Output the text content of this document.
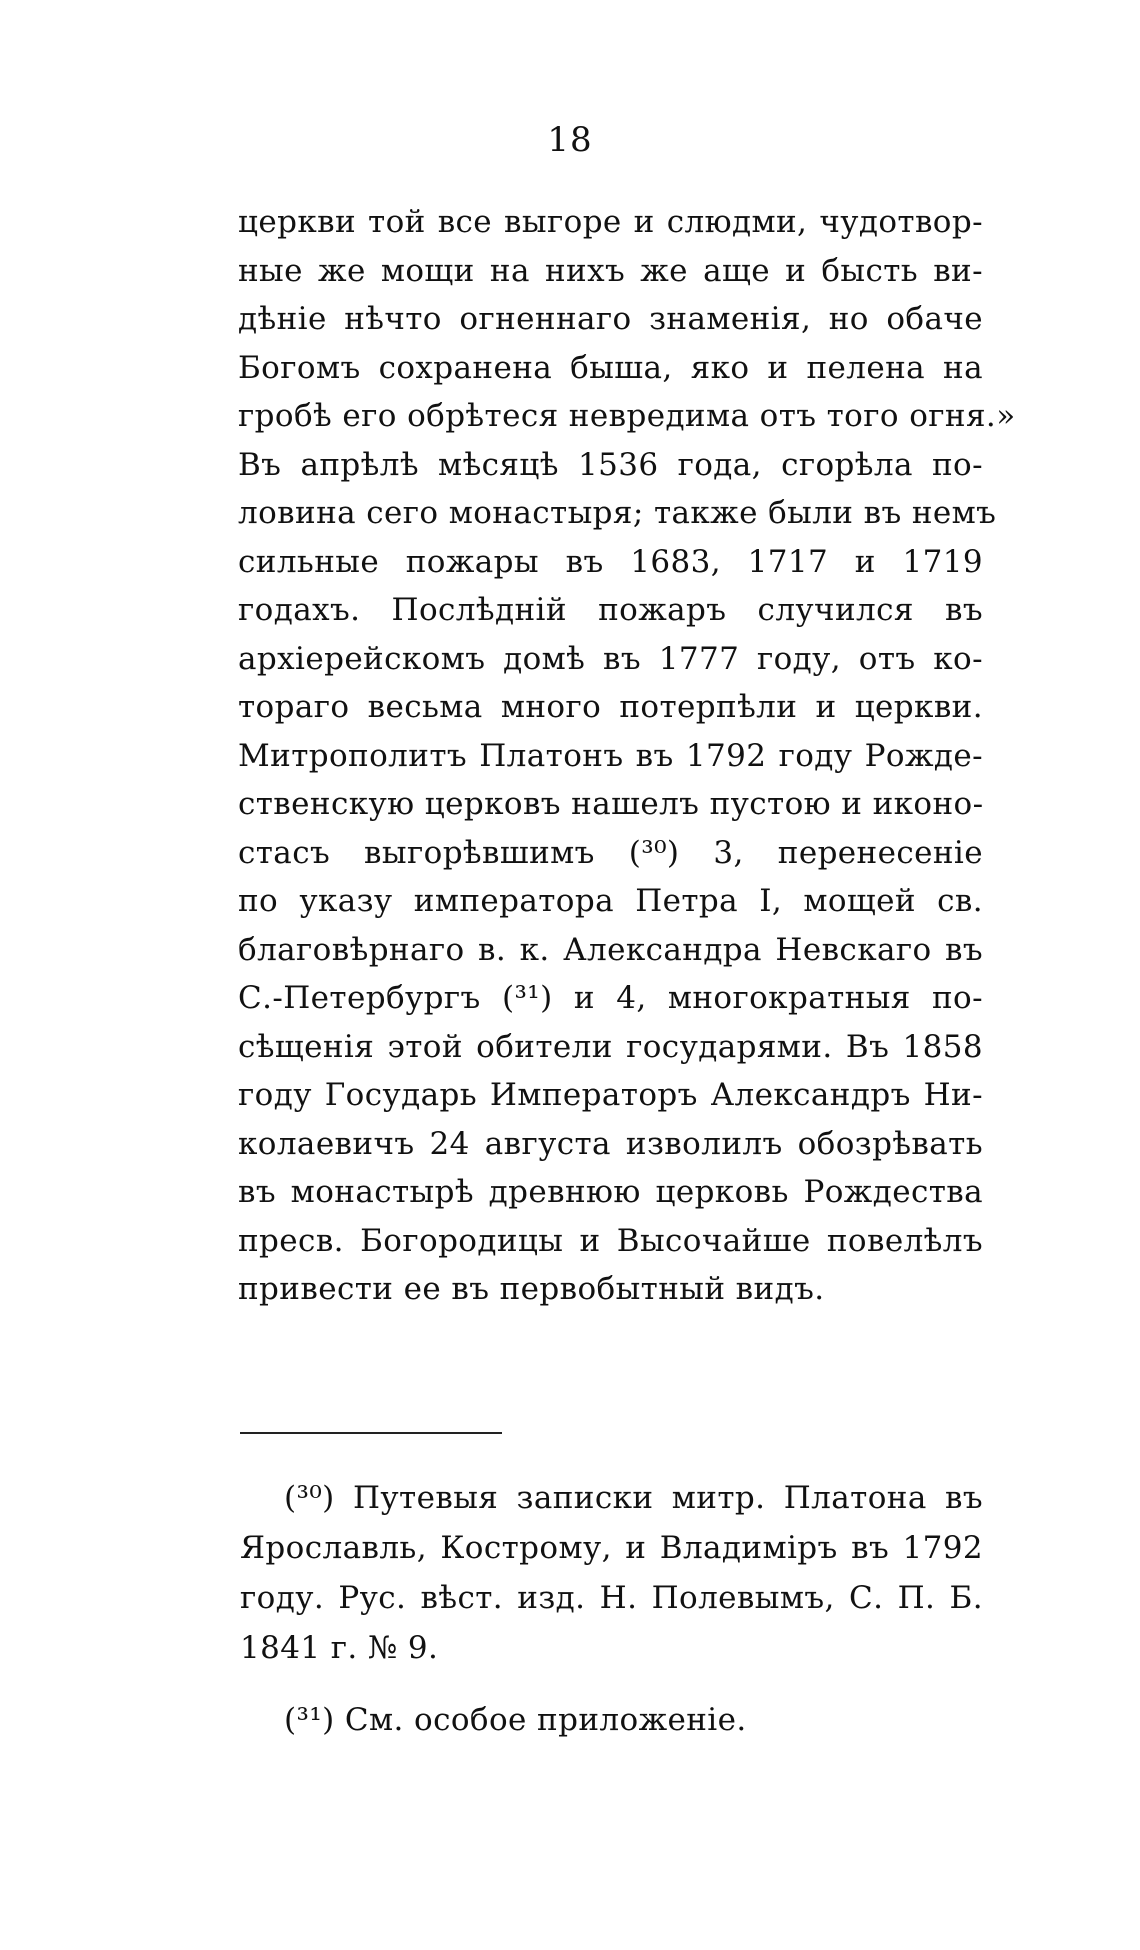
18
церкви той все выгоре и слюдми, чудотвор-
ные же мощи на нихъ же аще и бысть ви-
дѣніе нѣчто огненнаго знаменія, но обаче
Богомъ сохранена быша, яко и пелена на
гробѣ его обрѣтеся невредима отъ того огня.»
Въ апрѣлѣ мѣсяцѣ 1536 года, сгорѣла по-
ловина сего монастыря; также были въ немъ
сильные пожары въ 1683, 1717 и 1719
годахъ. Послѣдній пожаръ случился въ
архіерейскомъ домѣ въ 1777 году, отъ ко-
тораго весьма много потерпѣли и церкви.
Митрополитъ Платонъ въ 1792 году Рожде-
ственскую церковъ нашелъ пустою и иконо-
стасъ выгорѣвшимъ (³⁰) 3, перенесеніе
по указу императора Петра I, мощей св.
благовѣрнаго в. к. Александра Невскаго въ
С.-Петербургъ (³¹) и 4, многократныя по-
сѣщенія этой обители государями. Въ 1858
году Государь Императоръ Александръ Ни-
колаевичъ 24 августа изволилъ обозрѣвать
въ монастырѣ древнюю церковь Рождества
пресв. Богородицы и Высочайше повелѣлъ
привести ее въ первобытный видъ.
(³⁰) Путевыя записки митр. Платона въ
Ярославль, Кострому, и Владиміръ въ 1792
году. Рус. вѣст. изд. Н. Полевымъ, С. П. Б.
1841 г. № 9.
(³¹) См. особое приложеніе.
